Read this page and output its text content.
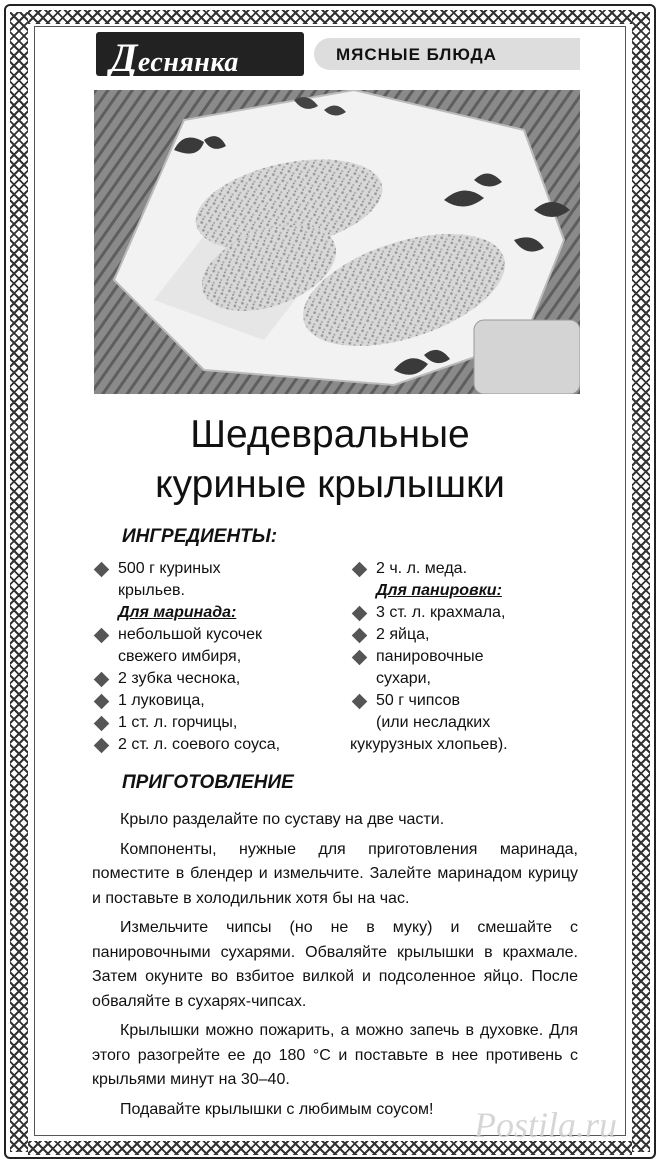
Деснянка	МЯСНЫЕ БЛЮДА
Шедевральные
куриные крылышки
ИНГРЕДИЕНТЫ:
500 г куриных
крыльев.
Для маринада:
небольшой кусочек
свежего имбиря,
2 зубка чеснока,
1 луковица,
1 ст. л. горчицы,
2 ст. л. соевого соуса,
2 ч. л. меда.
Для панировки:
3 ст. л. крахмала,
2 яйца,
панировочные
сухари,
50 г чипсов
(или несладких
кукурузных хлопьев).
ПРИГОТОВЛЕНИЕ

Крыло разделайте по суставу на две части.

Компоненты, нужные для приготовления маринада, поместите в блендер и измельчите. Залейте маринадом курицу и поставьте в холодильник хотя бы на час.

Измельчите чипсы (но не в муку) и смешайте с панировочными сухарями. Обваляйте крылышки в крахмале. Затем окуните во взбитое вилкой и подсоленное яйцо. После обваляйте в сухарях-чипсах.

Крылышки можно пожарить, а можно запечь в духовке. Для этого разогрейте ее до 180 °С и поставьте в нее противень с крыльями минут на 30–40.

Подавайте крылышки с любимым соусом!	Postila.ru
